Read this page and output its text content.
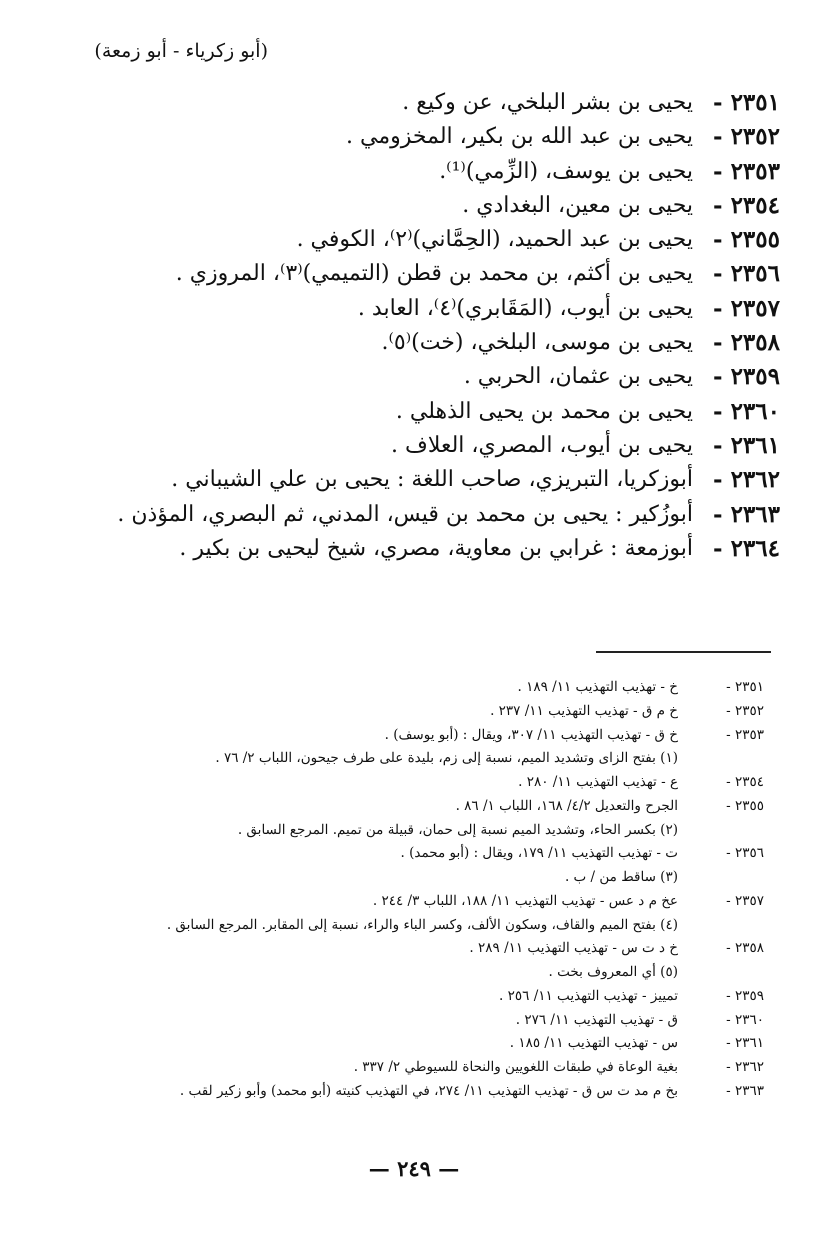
(أبو زكرياء - أبو زمعة)
٢٣٥١ -
يحيى بن بشر البلخي، عن وكيع .
٢٣٥٢ -
يحيى بن عبد الله بن بكير، المخزومي .
٢٣٥٣ -
يحيى بن يوسف، (الزِّمي)⁽¹⁾.
٢٣٥٤ -
يحيى بن معين، البغدادي .
٢٣٥٥ -
يحيى بن عبد الحميد، (الحِمَّاني)⁽٢⁾، الكوفي .
٢٣٥٦ -
يحيى بن أكثم، بن محمد بن قطن (التميمي)⁽٣⁾، المروزي .
٢٣٥٧ -
يحيى بن أيوب، (المَقَابري)⁽٤⁾، العابد .
٢٣٥٨ -
يحيى بن موسى، البلخي، (خت)⁽٥⁾.
٢٣٥٩ -
يحيى بن عثمان، الحربي .
٢٣٦٠ -
يحيى بن محمد بن يحيى الذهلي .
٢٣٦١ -
يحيى بن أيوب، المصري، العلاف .
٢٣٦٢ -
أبوزكريا، التبريزي، صاحب اللغة : يحيى بن علي الشيباني .
٢٣٦٣ -
أبوزُكير : يحيى بن محمد بن قيس، المدني، ثم البصري، المؤذن .
٢٣٦٤ -
أبوزمعة : غرابي بن معاوية، مصري، شيخ ليحيى بن بكير .
٢٣٥١ -
خ - تهذيب التهذيب ١١/ ١٨٩ .
٢٣٥٢ -
خ م ق - تهذيب التهذيب ١١/ ٢٣٧ .
٢٣٥٣ -
خ ق - تهذيب التهذيب ١١/ ٣٠٧، ويقال : (أبو يوسف) .
(١) بفتح الزاى وتشديد الميم، نسبة إلى زم، بليدة على طرف جيحون، اللباب ٢/ ٧٦ .
٢٣٥٤ -
ع - تهذيب التهذيب ١١/ ٢٨٠ .
٢٣٥٥ -
الجرح والتعديل ٤/٢/ ١٦٨، اللباب ١/ ٨٦ .
(٢) بكسر الحاء، وتشديد الميم نسبة إلى حمان، قبيلة من تميم. المرجع السابق .
٢٣٥٦ -
ت - تهذيب التهذيب ١١/ ١٧٩، ويقال : (أبو محمد) .
(٣) ساقط من / ب .
٢٣٥٧ -
عخ م د عس - تهذيب التهذيب ١١/ ١٨٨، اللباب ٣/ ٢٤٤ .
(٤) بفتح الميم والقاف، وسكون الألف، وكسر الباء والراء، نسبة إلى المقابر. المرجع السابق .
٢٣٥٨ -
خ د ت س - تهذيب التهذيب ١١/ ٢٨٩ .
(٥) أي المعروف بخت .
٢٣٥٩ -
تمييز - تهذيب التهذيب ١١/ ٢٥٦ .
٢٣٦٠ -
ق - تهذيب التهذيب ١١/ ٢٧٦ .
٢٣٦١ -
س - تهذيب التهذيب ١١/ ١٨٥ .
٢٣٦٢ -
بغية الوعاة في طبقات اللغويين والنحاة للسيوطي ٢/ ٣٣٧ .
٢٣٦٣ -
بخ م مد ت س ق - تهذيب التهذيب ١١/ ٢٧٤، في التهذيب كنيته (أبو محمد) وأبو زكير لقب .
— ٢٤٩ —
